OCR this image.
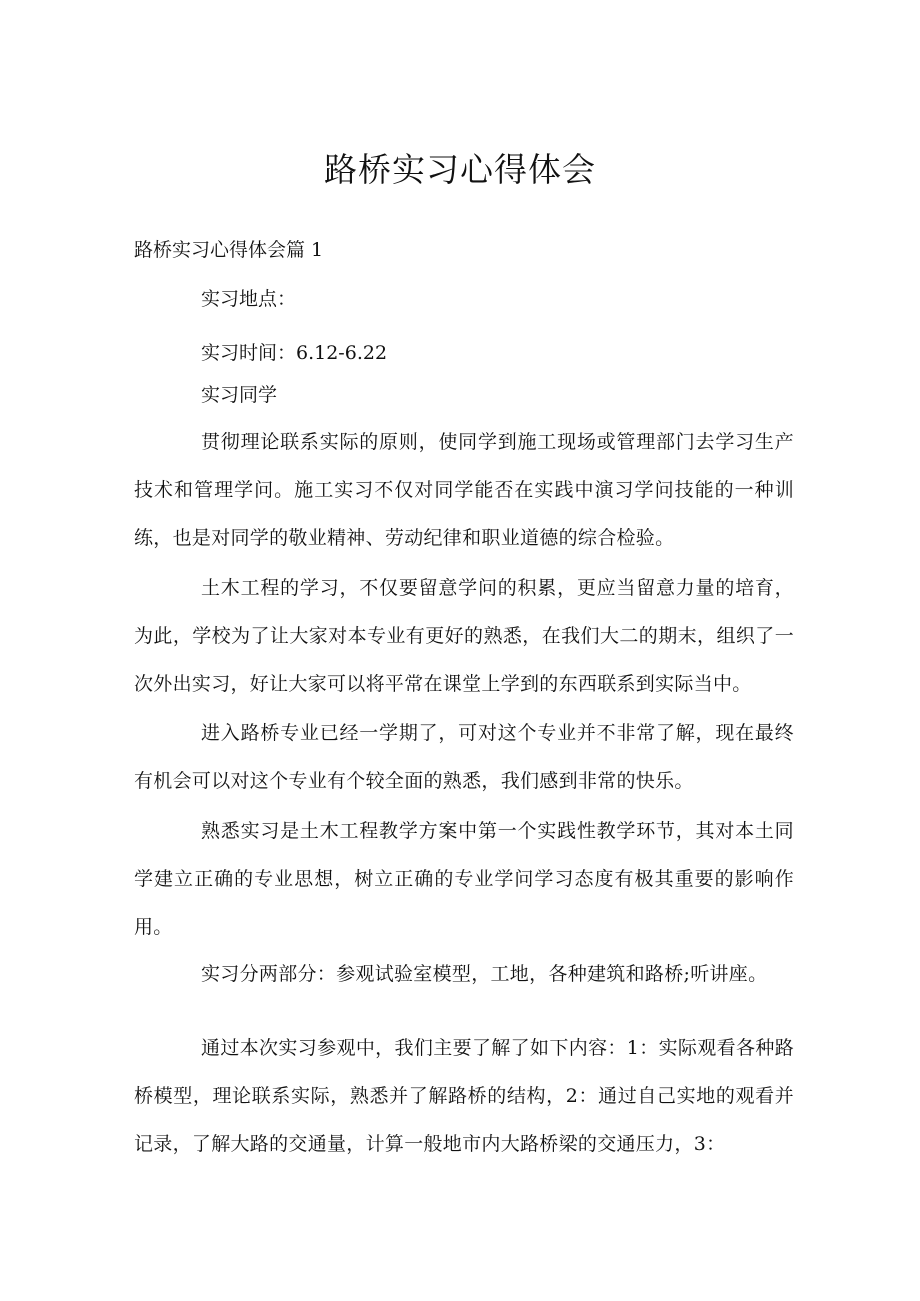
路桥实习心得体会

路桥实习心得体会篇 1

实习地点：

实习时间：6.12-6.22

实习同学

贯彻理论联系实际的原则，使同学到施工现场或管理部门去学习生产技术和管理学问。施工实习不仅对同学能否在实践中演习学问技能的一种训练，也是对同学的敬业精神、劳动纪律和职业道德的综合检验。

土木工程的学习，不仅要留意学问的积累，更应当留意力量的培育，为此，学校为了让大家对本专业有更好的熟悉，在我们大二的期末，组织了一次外出实习，好让大家可以将平常在课堂上学到的东西联系到实际当中。

进入路桥专业已经一学期了，可对这个专业并不非常了解，现在最终有机会可以对这个专业有个较全面的熟悉，我们感到非常的快乐。

熟悉实习是土木工程教学方案中第一个实践性教学环节，其对本土同学建立正确的专业思想，树立正确的专业学问学习态度有极其重要的影响作用。

实习分两部分：参观试验室模型，工地，各种建筑和路桥;听讲座。

通过本次实习参观中，我们主要了解了如下内容：1：实际观看各种路桥模型，理论联系实际，熟悉并了解路桥的结构，2：通过自己实地的观看并记录，了解大路的交通量，计算一般地市内大路桥梁的交通压力，3：
